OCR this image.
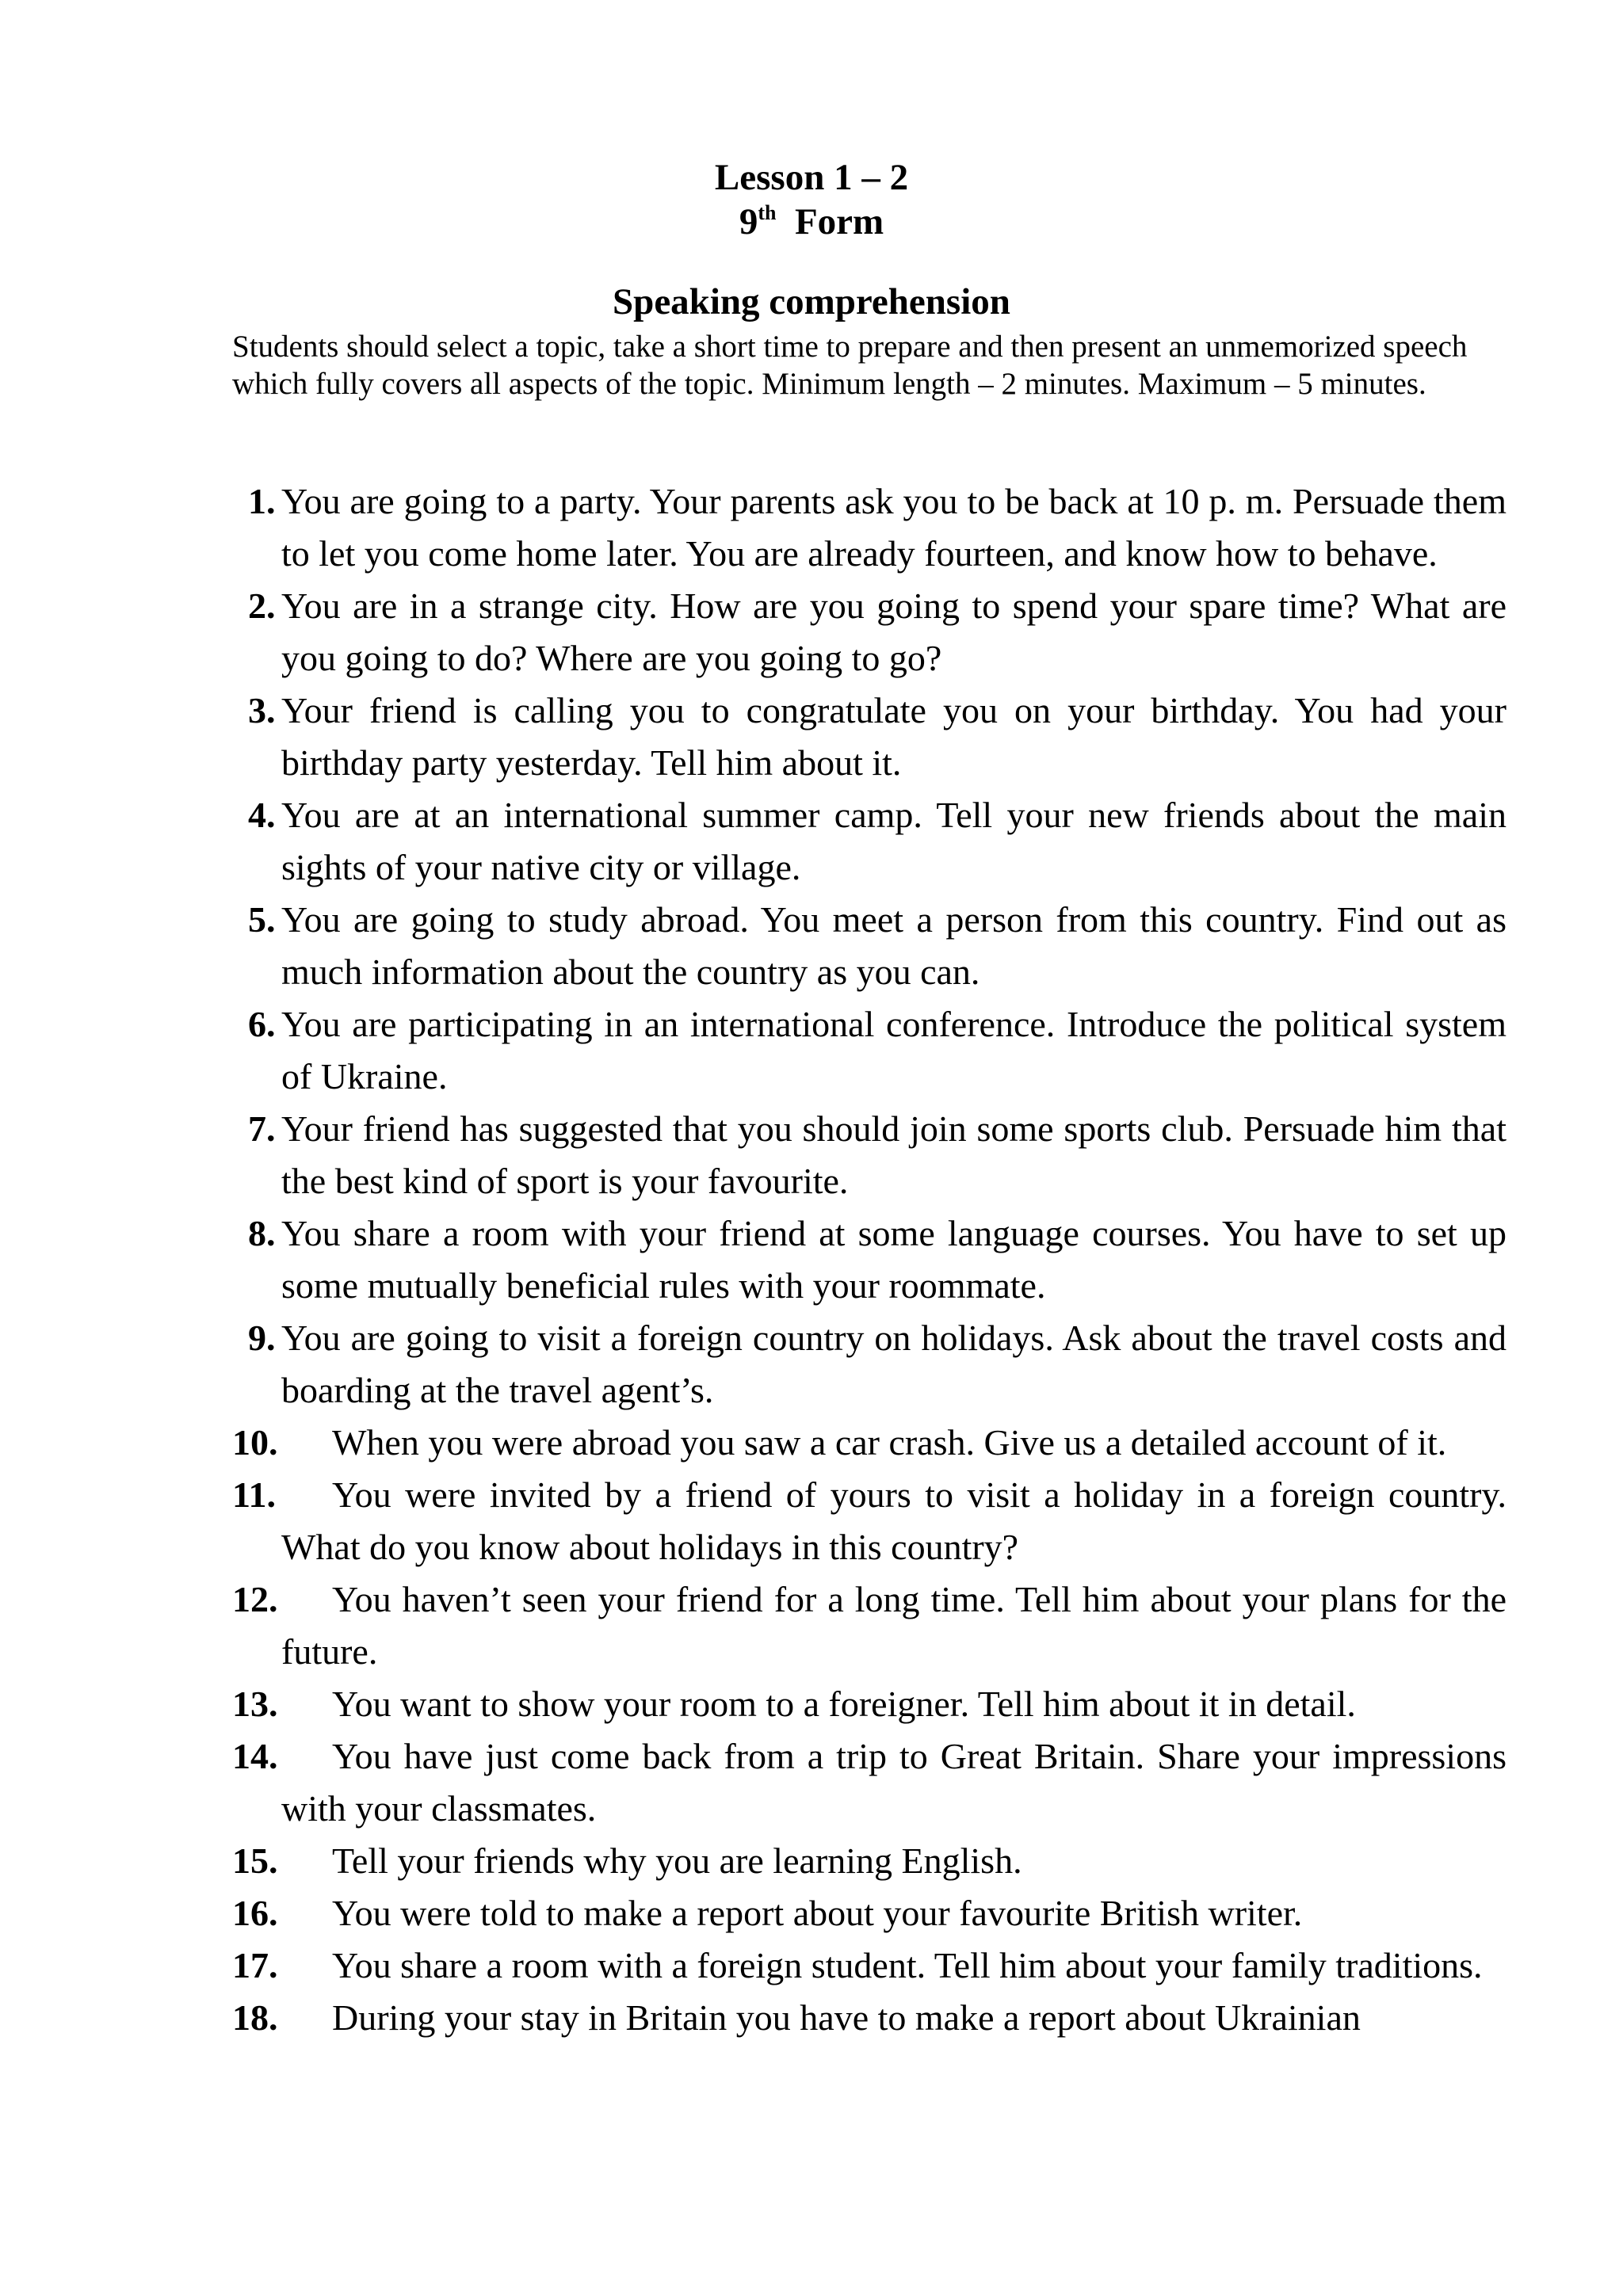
Lesson 1 – 2
9th Form
Speaking comprehension
Students should select a topic, take a short time to prepare and then present an unmemorized speech which fully covers all aspects of the topic. Minimum length – 2 minutes. Maximum – 5 minutes.
1. You are going to a party. Your parents ask you to be back at 10 p. m. Persuade them to let you come home later. You are already fourteen, and know how to behave.
2. You are in a strange city. How are you going to spend your spare time? What are you going to do? Where are you going to go?
3. Your friend is calling you to congratulate you on your birthday. You had your birthday party yesterday. Tell him about it.
4. You are at an international summer camp. Tell your new friends about the main sights of your native city or village.
5. You are going to study abroad. You meet a person from this country. Find out as much information about the country as you can.
6. You are participating in an international conference. Introduce the political system of Ukraine.
7. Your friend has suggested that you should join some sports club. Persuade him that the best kind of sport is your favourite.
8. You share a room with your friend at some language courses. You have to set up some mutually beneficial rules with your roommate.
9. You are going to visit a foreign country on holidays. Ask about the travel costs and boarding at the travel agent’s.
10. When you were abroad you saw a car crash. Give us a detailed account of it.
11. You were invited by a friend of yours to visit a holiday in a foreign country. What do you know about holidays in this country?
12. You haven’t seen your friend for a long time. Tell him about your plans for the future.
13. You want to show your room to a foreigner. Tell him about it in detail.
14. You have just come back from a trip to Great Britain. Share your impressions with your classmates.
15. Tell your friends why you are learning English.
16. You were told to make a report about your favourite British writer.
17. You share a room with a foreign student. Tell him about your family traditions.
18. During your stay in Britain you have to make a report about Ukrainian
